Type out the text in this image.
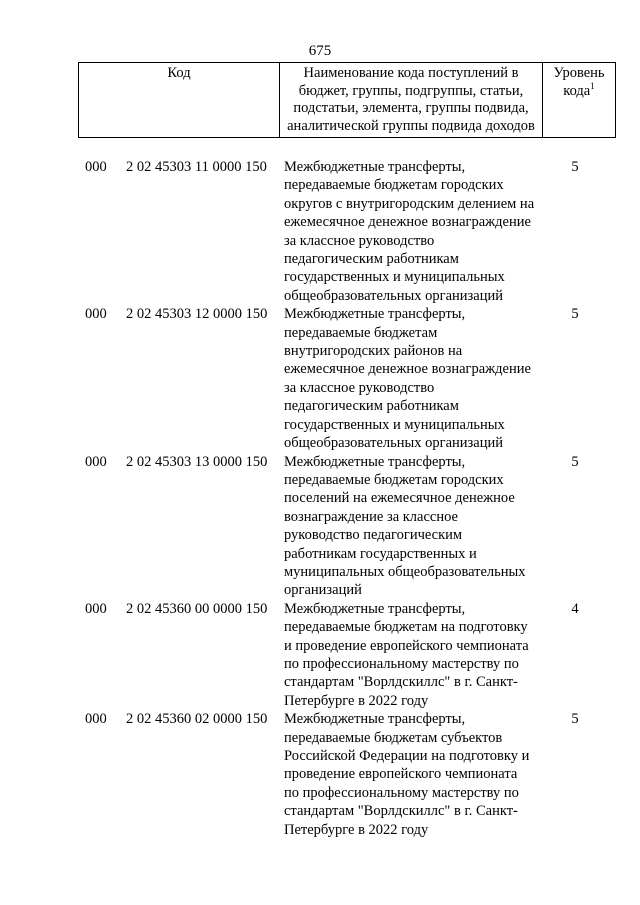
675
Код	Наименование кода поступлений в бюджет, группы, подгруппы, статьи, подстатьи, элемента, группы подвида, аналитической группы подвида доходов	Уровень кода$^1$
000 2 02 45303 11 0000 150 Межбюджетные трансферты,
передаваемые бюджетам городских
округов с внутригородским делением на
ежемесячное денежное вознаграждение
за классное руководство
педагогическим работникам
государственных и муниципальных
общеобразовательных организаций
5
000 2 02 45303 12 0000 150 Межбюджетные трансферты,
передаваемые бюджетам
внутригородских районов на
ежемесячное денежное вознаграждение
за классное руководство
педагогическим работникам
государственных и муниципальных
общеобразовательных организаций
5
000 2 02 45303 13 0000 150 Межбюджетные трансферты,
передаваемые бюджетам городских
поселений на ежемесячное денежное
вознаграждение за классное
руководство педагогическим
работникам государственных и
муниципальных общеобразовательных
организаций
5
000 2 02 45360 00 0000 150 Межбюджетные трансферты,
передаваемые бюджетам на подготовку
и проведение европейского чемпионата
по профессиональному мастерству по
стандартам "Ворлдскиллс" в г. Санкт-
Петербурге в 2022 году
4
000 2 02 45360 02 0000 150 Межбюджетные трансферты,
передаваемые бюджетам субъектов
Российской Федерации на подготовку и
проведение европейского чемпионата
по профессиональному мастерству по
стандартам "Ворлдскиллс" в г. Санкт-
Петербурге в 2022 году
5
